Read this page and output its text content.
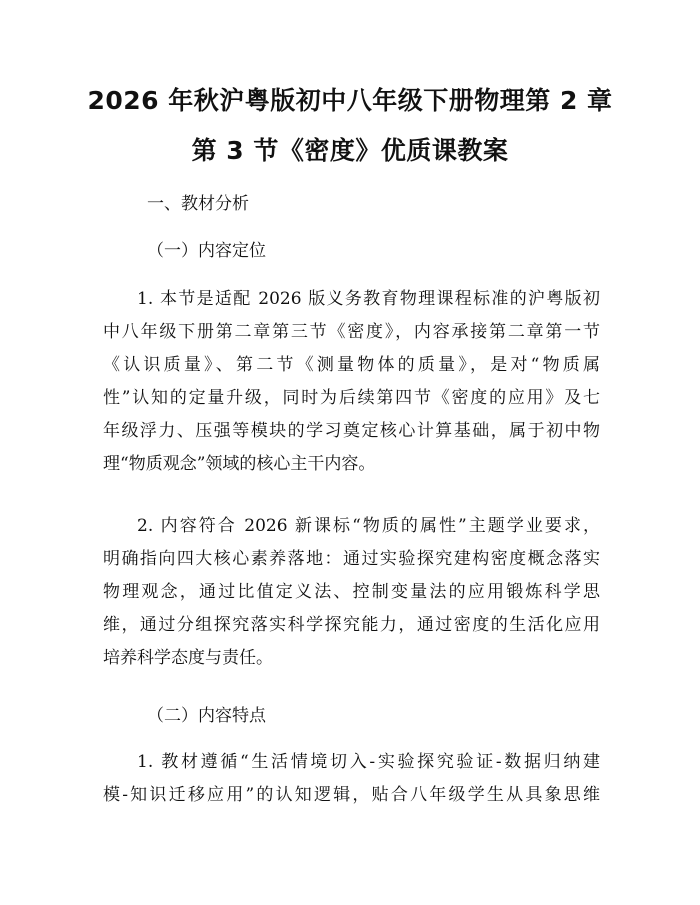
2026 年秋沪粤版初中八年级下册物理第 2 章
第 3 节《密度》优质课教案
一、教材分析
（一）内容定位
1. 本节是适配 2026 版义务教育物理课程标准的沪粤版初
中八年级下册第二章第三节《密度》，内容承接第二章第一节
《认识质量》、第二节《测量物体的质量》，是对“物质属
性”认知的定量升级，同时为后续第四节《密度的应用》及七
年级浮力、压强等模块的学习奠定核心计算基础，属于初中物
理“物质观念”领域的核心主干内容。
2. 内容符合 2026 新课标“物质的属性”主题学业要求，
明确指向四大核心素养落地：通过实验探究建构密度概念落实
物理观念，通过比值定义法、控制变量法的应用锻炼科学思
维，通过分组探究落实科学探究能力，通过密度的生活化应用
培养科学态度与责任。
（二）内容特点
1. 教材遵循“生活情境切入-实验探究验证-数据归纳建
模-知识迁移应用”的认知逻辑，贴合八年级学生从具象思维
